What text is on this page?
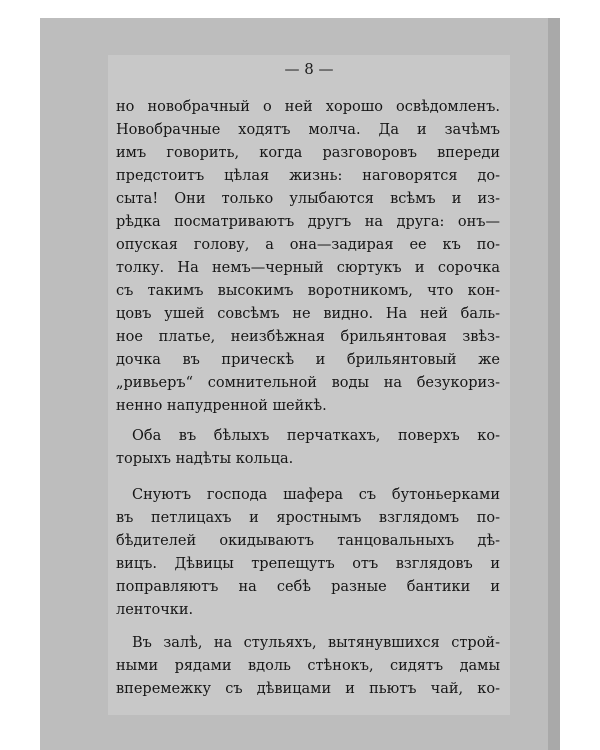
— 8 —
но новобрачный о ней хорошо освѣдомленъ.
Новобрачные ходятъ молча. Да и зачѣмъ
имъ говорить, когда разговоровъ впереди
предстоитъ цѣлая жизнь: наговорятся до-
сыта! Они только улыбаются всѣмъ и из-
рѣдка посматриваютъ другъ на друга: онъ—
опуская голову, а она—задирая ее къ по-
толку. На немъ—черный сюртукъ и сорочка
съ такимъ высокимъ воротникомъ, что кон-
цовъ ушей совсѣмъ не видно. На ней баль-
ное платье, неизбѣжная брильянтовая звѣз-
дочка въ прическѣ и брильянтовый же
„ривьеръ“ сомнительной воды на безукориз-
ненно напудренной шейкѣ.
Оба въ бѣлыхъ перчаткахъ, поверхъ ко-
торыхъ надѣты кольца.
Снуютъ господа шафера съ бутоньерками
въ петлицахъ и яростнымъ взглядомъ по-
бѣдителей окидываютъ танцовальныхъ дѣ-
вицъ. Дѣвицы трепещутъ отъ взглядовъ и
поправляютъ на себѣ разные бантики и
ленточки.
Въ залѣ, на стульяхъ, вытянувшихся строй-
ными рядами вдоль стѣнокъ, сидятъ дамы
вперемежку съ дѣвицами и пьютъ чай, ко-
